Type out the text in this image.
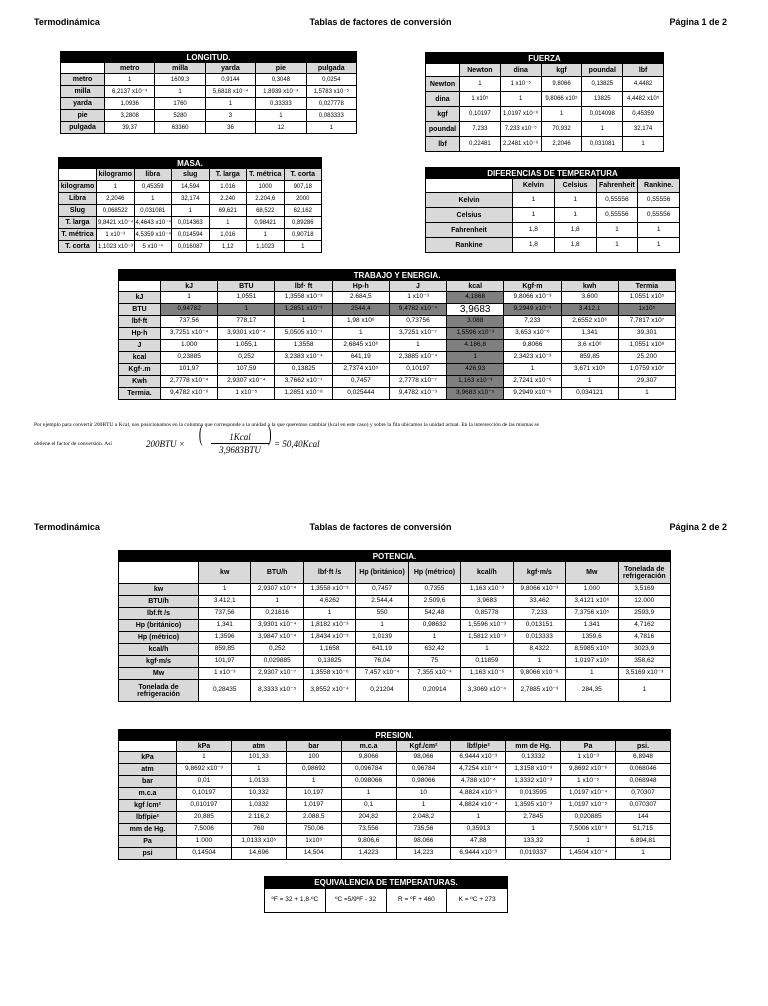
Termodinámica	Tablas de factores de conversión	Página 1 de 2
LONGITUD.
	metro	milla	yarda	pie	pulgada
metro	1	1609,3	0,9144	0,3048	0,0254
milla	6,2137 x10⁻⁴	1	5,6818 x10⁻⁴	1,8939 x10⁻⁴	1,5783 x10⁻⁵
yarda	1,0936	1760	1	0,33333	0,027778
pie	3,2808	5280	3	1	0,083333
pulgada	39,37	63360	36	12	1
FUERZA
	Newton	dina	kgf	poundal	lbf
Newton	1	1 x10⁻⁵	9,8066	0,13825	4,4482
dina	1 x10⁵	1	9,8066 x10⁵	13825	4,4482 x10⁵
kgf	0,10197	1,0197 x10⁻⁶	1	0,014098	0,45359
poundal	7,233	7,233 x10⁻⁵	70,932	1	32,174
lbf	0,22481	2,2481 x10⁻⁶	2,2046	0,031081	1
MASA.
	kilogramo	libra	slug	T. larga	T. métrica	T. corta
kilogramo	1	0,45359	14,594	1.016	1000	907,18
Libra	2,2046	1	32,174	2.240	2.204,6	2000
Slug	0,068522	0,031081	1	69,621	68,522	62,162
T. larga	9,8421 x10⁻⁴	4,4643 x10⁻⁴	0,014363	1	0,98421	0,89286
T. métrica	1 x10⁻³	4,5359 x10⁻⁴	0,014594	1,016	1	0,90718
T. corta	1,1023 x10⁻³	5 x10⁻⁴	0,016087	1,12	1,1023	1
DIFERENCIAS DE TEMPERATURA
	Kelvin	Celsius	Fahrenheit	Rankine.
Kelvin	1	1	0,55556	0,55556
Celsius	1	1	0,55556	0,55556
Fahrenheit	1,8	1,8	1	1
Rankine	1,8	1,8	1	1
TRABAJO Y ENERGIA.
	kJ	BTU	lbf· ft	Hp-h	J	kcal	Kgf·m	kwh	Termia
kJ	1	1,0551	1,3558 x10⁻³	2.684,5	1 x10⁻³	4,1868	9,8066 x10⁻³	3.600	1,0551 x10⁵
BTU	0,94782	1	1,2851 x10⁻³	2544,4	9,4782 x10⁻⁴	3,9683	9,2949 x10⁻³	3.412,1	1x10⁵
lbf·ft	737,56	778,17	1	1,98 x10⁶	0,73756	3.088	7,233	2,6552 x10⁶	7,7817 x10⁷
Hp·h	3,7251 x10⁻⁴	3,9301 x10⁻⁴	5,0505 x10⁻⁷	1	3,7251 x10⁻⁷	1,5596 x10⁻³	3,653 x10⁻⁶	1,341	39,301
J	1.000	1.055,1	1,3558	2,6845 x10⁶	1	4.186,8	9,8066	3,6 x10⁶	1,0551 x10⁸
kcal	0,23885	0,252	3,2383 x10⁻⁴	641,19	2,3885 x10⁻⁴	1	2,3423 x10⁻³	859,85	25.200
Kgf·.m	101,97	107,59	0,13825	2,7374 x10⁵	0,10197	426,93	1	3,671 x10⁵	1,0759 x10⁷
Kwh	2,7778 x10⁻⁴	2,9307 x10⁻⁴	3,7662 x10⁻⁷	0,7457	2,7778 x10⁻⁷	1,163 x10⁻³	2,7241 x10⁻⁶	1	29,307
Termia.	9,4782 x10⁻⁶	1 x10⁻⁵	1,2851 x10⁻⁸	0,025444	9,4782 x10⁻⁹	3,9683 x10⁻⁵	9,2949 x10⁻⁸	0,034121	1
Por ejemplo para convertir 200BTU a Kcal, nos posicionamos en la columna que corresponde a la unidad a la que queremos cambiar (kcal en este caso) y sobre la fila ubicamos la unidad actual. En la intersección de las mismas se
obtiene el factor de conversión. Así	200BTU × (	1Kcal
3,9683BTU
) = 50,40Kcal
Termodinámica	Tablas de factores de conversión	Página 2 de 2
POTENCIA.
	kw	BTU/h	lbf·ft /s	Hp (británico)	Hp (métrico)	kcal/h	kgf·m/s	Mw	Tonelada de refrigeración
kw	1	2,9307 x10⁻⁴	1,3558 x10⁻³	0,7457	0,7355	1,163 x10⁻³	9,8066 x10⁻³	1.000	3,5169
BTU/h	3.412,1	1	4,6262	2.544,4	2.509,6	3,9683	33,462	3,4121 x10⁶	12.000
lbf.ft /s	737,56	0,21616	1	550	542,48	0,85778	7,233	7,3756 x10⁵	2593,9
Hp (británico)	1,341	3,9301 x10⁻⁴	1,8182 x10⁻³	1	0,98632	1,5596 x10⁻³	0,013151	1.341	4,7162
Hp (métrico)	1,3596	3,9847 x10⁻⁴	1,8434 x10⁻³	1,0139	1	1,5812 x10⁻³	0,013333	1359,6	4,7816
kcal/h	859,85	0,252	1,1658	641,19	632,42	1	8,4322	8,5985 x10⁵	3023,9
kgf·m/s	101,97	0,029885	0,13825	76,04	75	0,11859	1	1,0197 x10⁵	358,62
Mw	1 x10⁻³	2,9307 x10⁻⁷	1,3558 x10⁻⁶	7,457 x10⁻⁴	7,355 x10⁻⁴	1,163 x10⁻⁶	9,8066 x10⁻⁶	1	3,5169 x10⁻³
Tonelada de refrigeración	0,28435	8,3333 x10⁻⁵	3,8552 x10⁻⁴	0,21204	0,20914	3,3069 x10⁻⁴	2,7885 x10⁻³	284,35	1
PRESION.
	kPa	atm	bar	m.c.a	Kgf./cm²	lbf/pie²	mm de Hg.	Pa	psi.
kPa	1	101,33	100	9,8066	98,066	6,9444 x10⁻³	0,13332	1 x10⁻³	6,8948
atm	9,8692 x10⁻³	1	0,98692	0,096784	0,96784	4,7254 x10⁻⁴	1,3158 x10⁻³	9,8692 x10⁻⁶	0,068046
bar	0,01	1,0133	1	0,098066	0,98066	4,788 x10⁻⁴	1,3332 x10⁻³	1 x10⁻⁵	0,068948
m.c.a	0,10197	10,332	10,197	1	10	4,8824 x10⁻³	0,013595	1,0197 x10⁻⁴	0,70307
kgf /cm²	0,010197	1,0332	1,0197	0,1	1	4,8824 x10⁻⁴	1,3595 x10⁻³	1,0197 x10⁻⁵	0,070307
lbf/pie²	20,885	2.116,2	2.088,5	204,82	2.048,2	1	2,7845	0,020885	144
mm de Hg.	7,5006	760	750,06	73,556	735,56	0,35913	1	7,5006 x10⁻³	51,715
Pa	1.000	1,0133 x10⁵	1x10⁵	9.806,6	98.066	47,88	133,32	1	6.894,81
psi	0,14504	14,696	14,504	1,4223	14,223	6,9444 x10⁻³	0,019337	1,4504 x10⁻⁴	1
EQUIVALENCIA DE TEMPERATURAS.
ºF = 32 + 1,8·ºC	ºC =5/9ºF - 32	R = ºF + 460	K = ºC + 273
